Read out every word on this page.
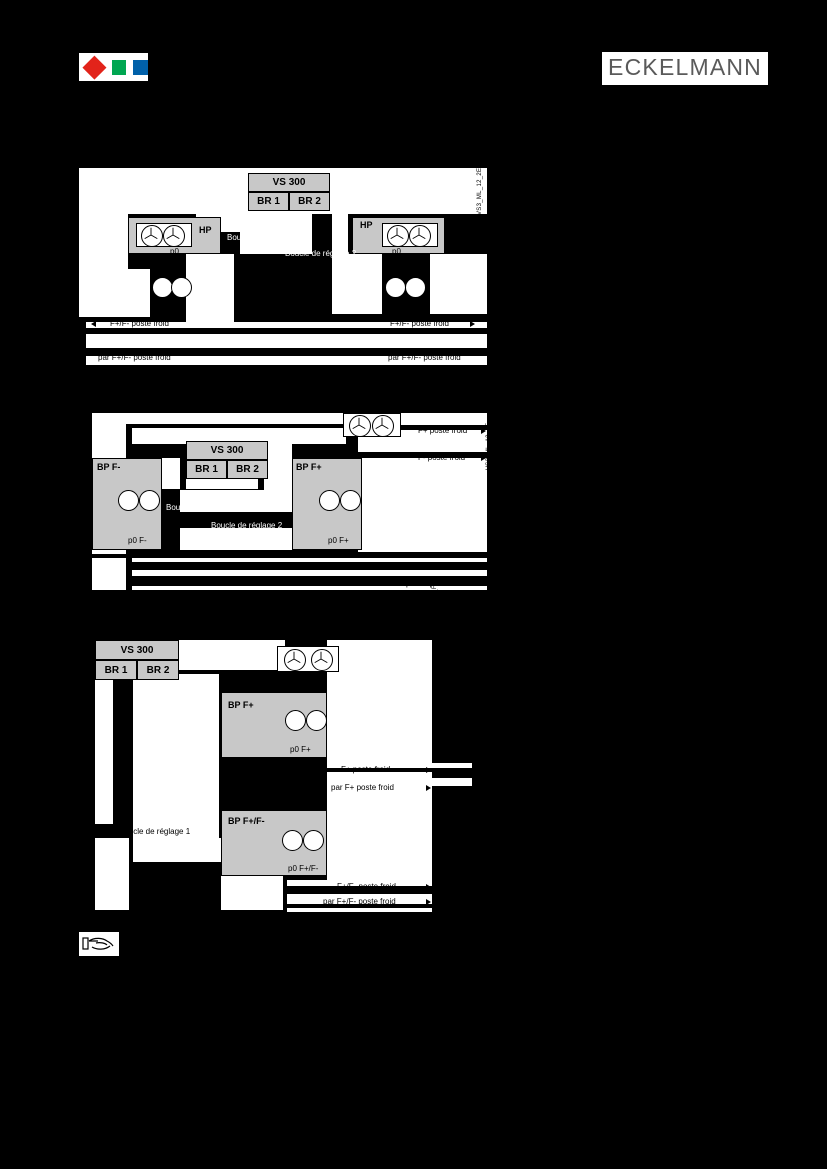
ECKELMANN
VS 300
BR 1	BR 2
HP
p0
HP
p0
Boucle de réglage 1
Boucle de réglage 2
F+/F- poste froid
par F+/F- poste froid
F+/F- poste froid
par F+/F- poste froid
VS3_ML_12_2E
VS 300
BR 1	BR 2
BP F-
p0 F-
BP F+
p0 F+
Boucle de réglage 1
Boucle de réglage 2
F+ poste froid
F- poste froid
par F+ poste froid
par F- poste froid
VS3_ML_12_1E
VS 300
BR 1	BR 2
BP F+
p0 F+
BP F+/F-
p0 F+/F-
Boucle de réglage 2
Boucle de réglage 1
F+ poste froid
par F+ poste froid
F+/F- poste froid
par F+/F- poste froid
VS3_ML_12_3E_F
